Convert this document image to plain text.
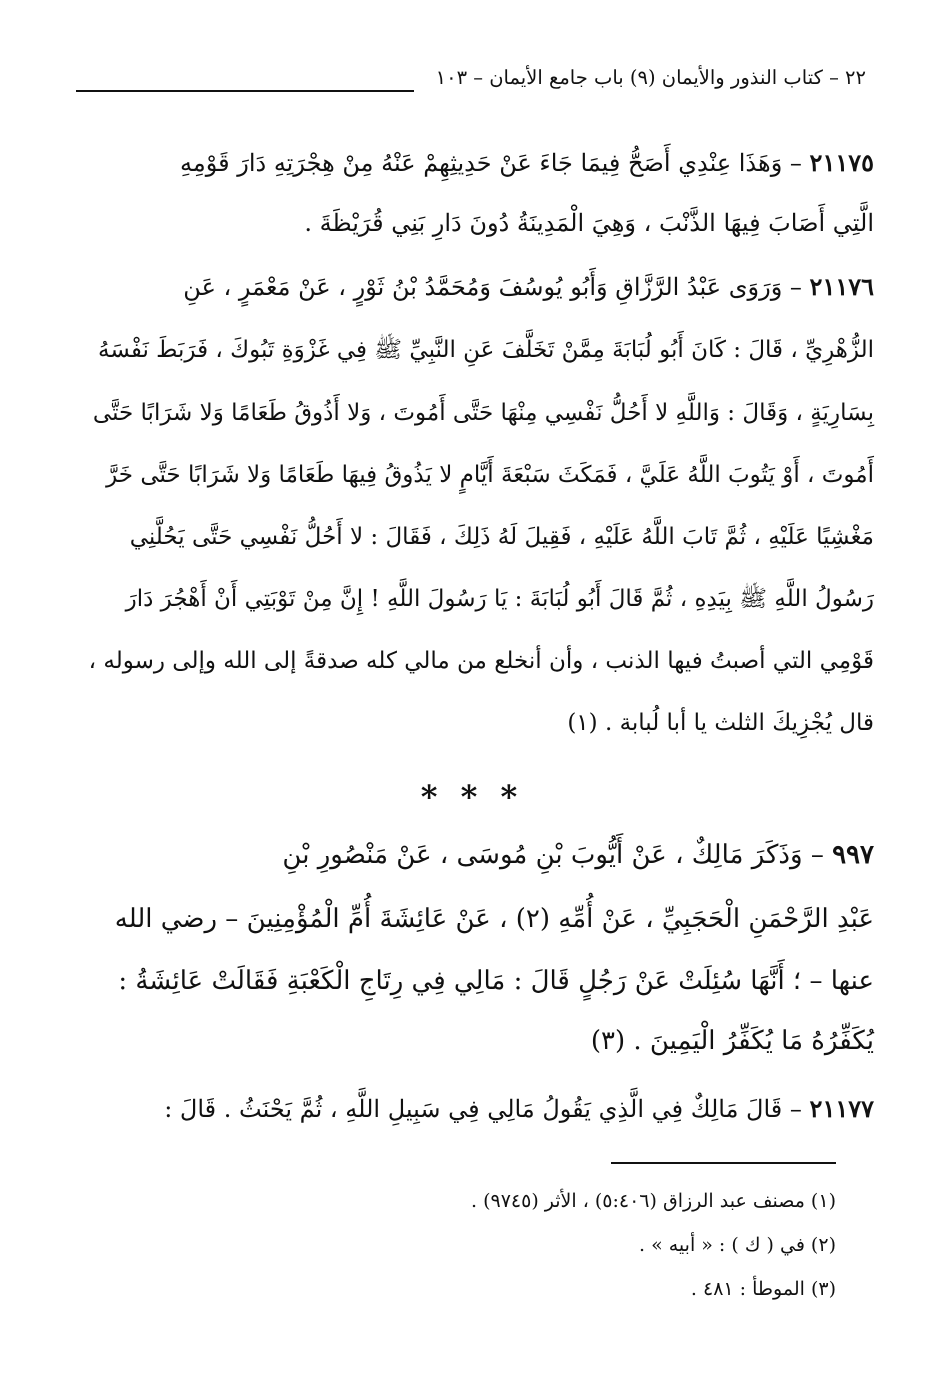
٢٢ – كتاب النذور والأيمان (٩) باب جامع الأيمان – ١٠٣
٢١١٧٥ – وَهَذَا عِنْدِي أَصَحُّ فِيمَا جَاءَ عَنْ حَدِيثِهِمْ عَنْهُ مِنْ هِجْرَتِهِ دَارَ قَوْمِهِ
الَّتِي أَصَابَ فِيهَا الذَّنْبَ ، وَهِيَ الْمَدِينَةُ دُونَ دَارِ بَنِي قُرَيْظَةَ .
٢١١٧٦ – وَرَوَى عَبْدُ الرَّزَّاقِ وَأَبُو يُوسُفَ وَمُحَمَّدُ بْنُ ثَوْرٍ ، عَنْ مَعْمَرٍ ، عَنِ
الزُّهْرِيِّ ، قَالَ : كَانَ أَبُو لُبَابَةَ مِمَّنْ تَخَلَّفَ عَنِ النَّبِيِّ ﷺ فِي غَزْوَةِ تَبُوكَ ، فَرَبَطَ نَفْسَهُ
بِسَارِيَةٍ ، وَقَالَ : وَاللَّهِ لا أَحُلُّ نَفْسِي مِنْهَا حَتَّى أَمُوتَ ، وَلا أَذُوقُ طَعَامًا وَلا شَرَابًا حَتَّى
أَمُوتَ ، أَوْ يَتُوبَ اللَّهُ عَلَيَّ ، فَمَكَثَ سَبْعَةَ أَيَّامٍ لا يَذُوقُ فِيهَا طَعَامًا وَلا شَرَابًا حَتَّى خَرَّ
مَغْشِيًا عَلَيْهِ ، ثُمَّ تَابَ اللَّهُ عَلَيْهِ ، فَقِيلَ لَهُ ذَلِكَ ، فَقَالَ : لا أَحُلُّ نَفْسِي حَتَّى يَحُلَّنِي
رَسُولُ اللَّهِ ﷺ بِيَدِهِ ، ثُمَّ قَالَ أَبُو لُبَابَةَ : يَا رَسُولَ اللَّهِ ! إِنَّ مِنْ تَوْبَتِي أَنْ أَهْجُرَ دَارَ
قَوْمِي التي أصبتُ فيها الذنب ، وأن أنخلع من مالي كله صدقةً إلى الله وإلى رسوله ،
قال يُجْزِيكَ الثلث يا أبا لُبابة . (١)
* * *
٩٩٧ – وَذَكَرَ مَالِكٌ ، عَنْ أَيُّوبَ بْنِ مُوسَى ، عَنْ مَنْصُورِ بْنِ
عَبْدِ الرَّحْمَنِ الْحَجَبِيِّ ، عَنْ أُمِّهِ (٢) ، عَنْ عَائِشَةَ أُمِّ الْمُؤْمِنِينَ – رضي الله
عنها – ؛ أَنَّهَا سُئِلَتْ عَنْ رَجُلٍ قَالَ : مَالِي فِي رِتَاجِ الْكَعْبَةِ فَقَالَتْ عَائِشَةُ :
يُكَفِّرُهُ مَا يُكَفِّرُ الْيَمِينَ . (٣)
٢١١٧٧ – قَالَ مَالِكٌ فِي الَّذِي يَقُولُ مَالِي فِي سَبِيلِ اللَّهِ ، ثُمَّ يَحْنَثُ . قَالَ :
(١) مصنف عبد الرزاق (٥:٤٠٦) ، الأثر (٩٧٤٥) .
(٢) في ( ك ) : « أبيه » .
(٣) الموطأ : ٤٨١ .
